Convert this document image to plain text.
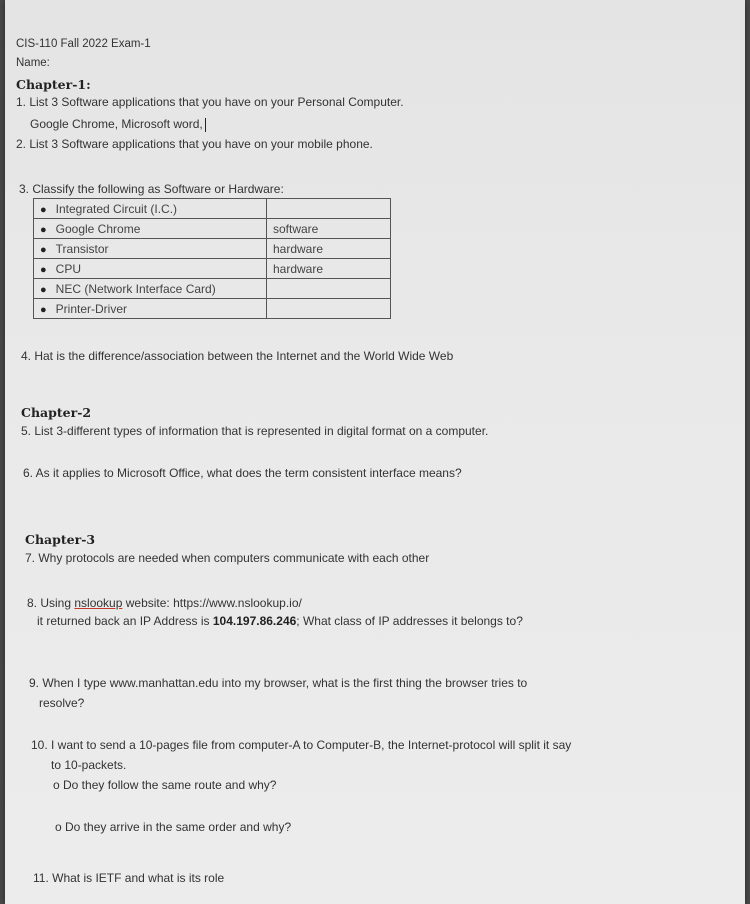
CIS-110 Fall 2022 Exam-1
Name:
Chapter-1:
1. List 3 Software applications that you have on your Personal Computer.
Google Chrome, Microsoft word,
2. List 3 Software applications that you have on your mobile phone.
3. Classify the following as Software or Hardware:
● Integrated Circuit (I.C.)	
● Google Chrome	software
● Transistor	hardware
● CPU	hardware
● NEC (Network Interface Card)	
● Printer-Driver	
4. Hat is the difference/association between the Internet and the World Wide Web
Chapter-2
5. List 3-different types of information that is represented in digital format on a computer.
6. As it applies to Microsoft Office, what does the term consistent interface means?
Chapter-3
7. Why protocols are needed when computers communicate with each other
8. Using nslookup website: https://www.nslookup.io/
it returned back an IP Address is 104.197.86.246; What class of IP addresses it belongs to?
9. When I type www.manhattan.edu into my browser, what is the first thing the browser tries to
resolve?
10. I want to send a 10-pages file from computer-A to Computer-B, the Internet-protocol will split it say
to 10-packets.
o Do they follow the same route and why?
o Do they arrive in the same order and why?
11. What is IETF and what is its role
